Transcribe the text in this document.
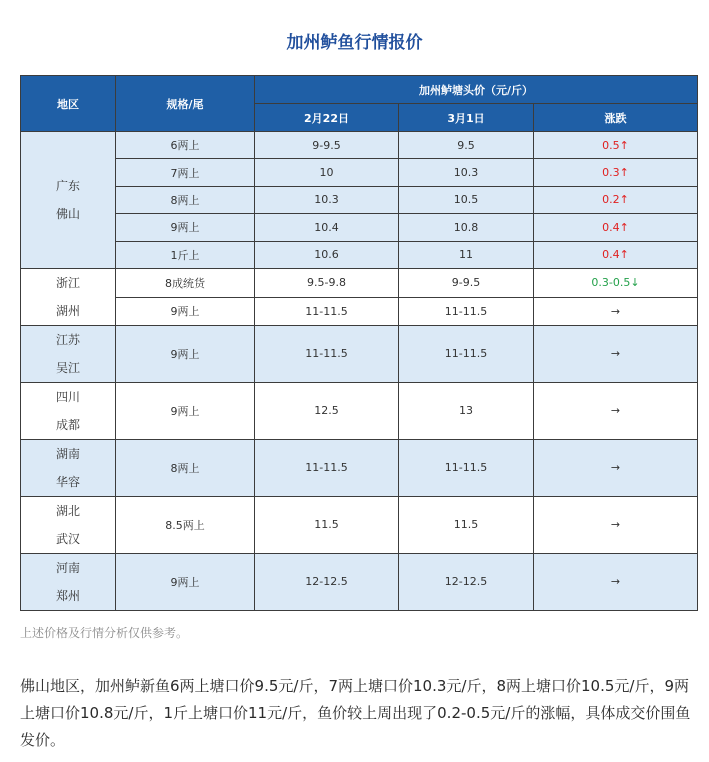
加州鲈鱼行情报价
地区	规格/尾	加州鲈塘头价（元/斤）		
		2月22日	3月1日	涨跌

广东
佛山	6两上	9-9.5	9.5	0.5↑
	7两上	10	10.3	0.3↑
	8两上	10.3	10.5	0.2↑
	9两上	10.4	10.8	0.4↑
	1斤上	10.6	11	0.4↑

浙江
湖州	8成统货	9.5-9.8	9-9.5	0.3-0.5↓
	9两上	11-11.5	11-11.5	→

江苏
吴江	9两上	11-11.5	11-11.5	→

四川
成都	9两上	12.5	13	→

湖南
华容	8两上	11-11.5	11-11.5	→

湖北
武汉	8.5两上	11.5	11.5	→

河南
郑州	9两上	12-12.5	12-12.5	→
上述价格及行情分析仅供参考。
佛山地区，加州鲈新鱼6两上塘口价9.5元/斤，7两上塘口价10.3元/斤，8两上塘口价10.5元/斤，9两上塘口价10.8元/斤，1斤上塘口价11元/斤，鱼价较上周出现了0.2-0.5元/斤的涨幅，具体成交价围鱼发价。
